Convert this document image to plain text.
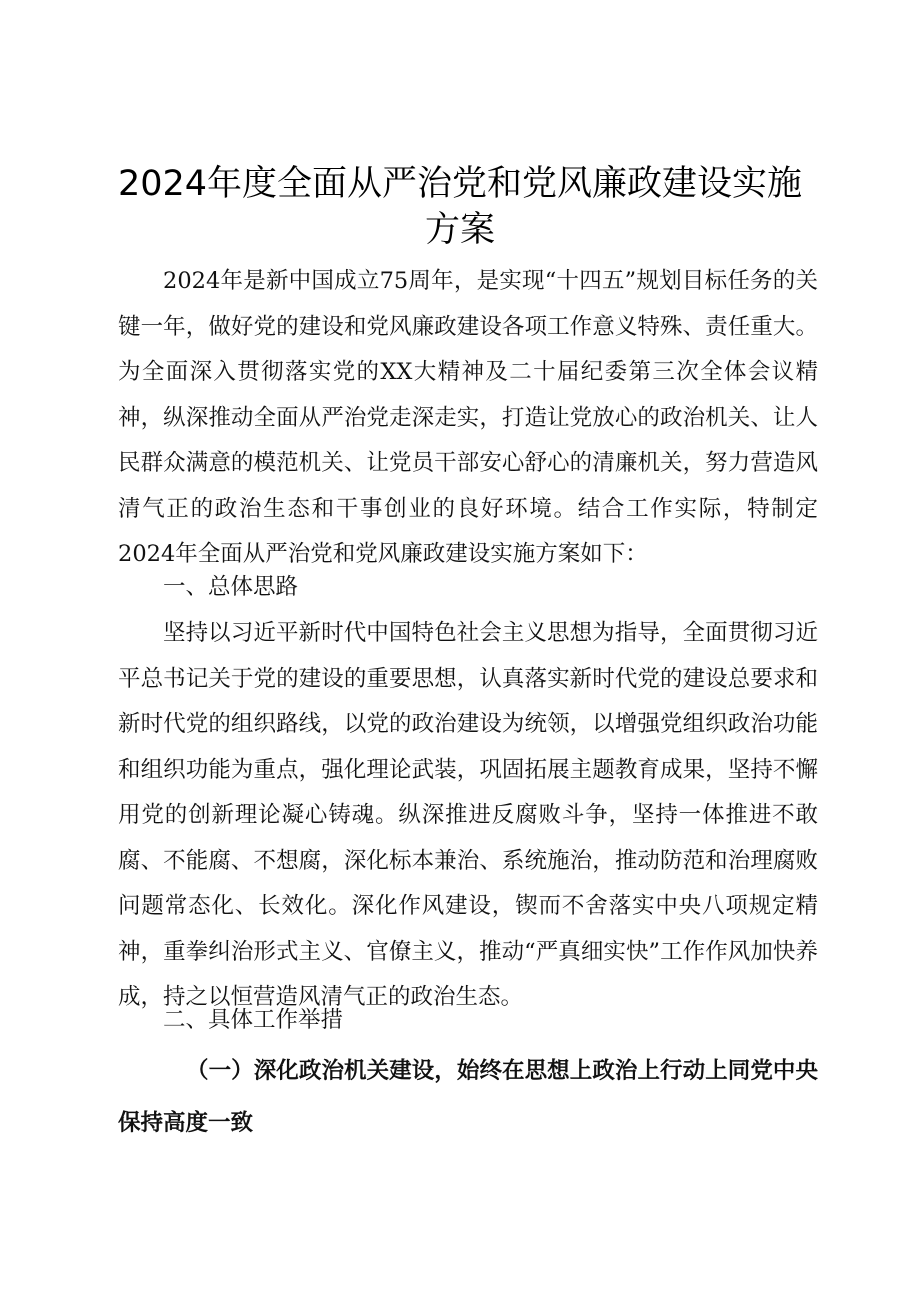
2024年度全面从严治党和党风廉政建设实施
方案

2024年是新中国成立75周年，是实现“十四五”规划目标任务的关键一年，做好党的建设和党风廉政建设各项工作意义特殊、责任重大。为全面深入贯彻落实党的XX大精神及二十届纪委第三次全体会议精神，纵深推动全面从严治党走深走实，打造让党放心的政治机关、让人民群众满意的模范机关、让党员干部安心舒心的清廉机关，努力营造风清气正的政治生态和干事创业的良好环境。结合工作实际，特制定2024年全面从严治党和党风廉政建设实施方案如下：

一、总体思路

坚持以习近平新时代中国特色社会主义思想为指导，全面贯彻习近平总书记关于党的建设的重要思想，认真落实新时代党的建设总要求和新时代党的组织路线，以党的政治建设为统领，以增强党组织政治功能和组织功能为重点，强化理论武装，巩固拓展主题教育成果，坚持不懈用党的创新理论凝心铸魂。纵深推进反腐败斗争，坚持一体推进不敢腐、不能腐、不想腐，深化标本兼治、系统施治，推动防范和治理腐败问题常态化、长效化。深化作风建设，锲而不舍落实中央八项规定精神，重拳纠治形式主义、官僚主义，推动“严真细实快”工作作风加快养成，持之以恒营造风清气正的政治生态。

二、具体工作举措

（一）深化政治机关建设，始终在思想上政治上行动上同党中央保持高度一致
